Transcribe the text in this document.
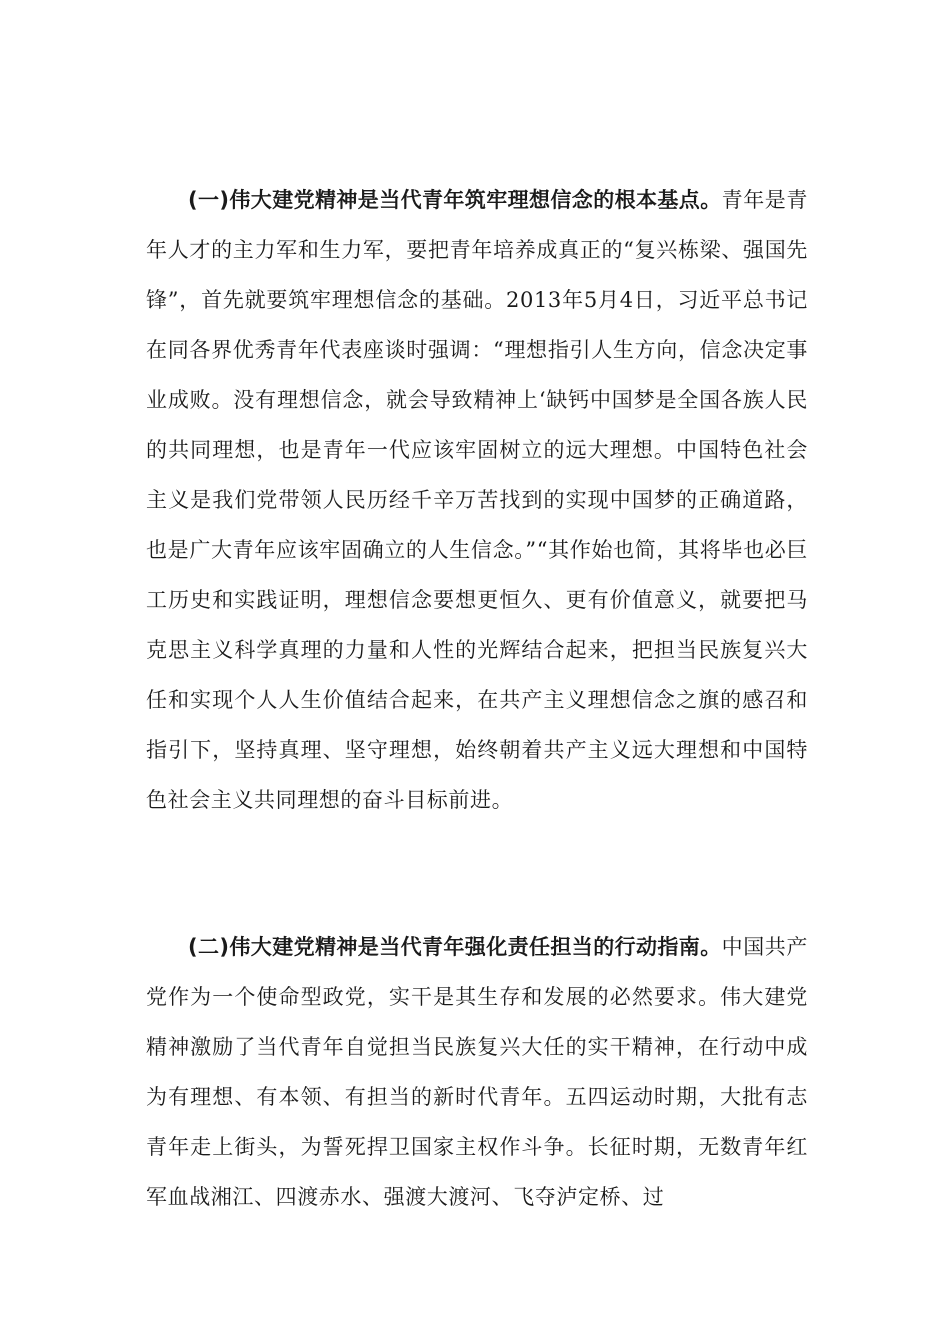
(一)伟大建党精神是当代青年筑牢理想信念的根本基点。青年是青年人才的主力军和生力军，要把青年培养成真正的“复兴栋梁、强国先锋”，首先就要筑牢理想信念的基础。2013年5月4日，习近平总书记在同各界优秀青年代表座谈时强调：“理想指引人生方向，信念决定事业成败。没有理想信念，就会导致精神上‘缺钙中国梦是全国各族人民的共同理想，也是青年一代应该牢固树立的远大理想。中国特色社会主义是我们党带领人民历经千辛万苦找到的实现中国梦的正确道路，也是广大青年应该牢固确立的人生信念。”“其作始也简，其将毕也必巨工历史和实践证明，理想信念要想更恒久、更有价值意义，就要把马克思主义科学真理的力量和人性的光辉结合起来，把担当民族复兴大任和实现个人人生价值结合起来，在共产主义理想信念之旗的感召和指引下，坚持真理、坚守理想，始终朝着共产主义远大理想和中国特色社会主义共同理想的奋斗目标前进。

(二)伟大建党精神是当代青年强化责任担当的行动指南。中国共产党作为一个使命型政党，实干是其生存和发展的必然要求。伟大建党精神激励了当代青年自觉担当民族复兴大任的实干精神，在行动中成为有理想、有本领、有担当的新时代青年。五四运动时期，大批有志青年走上街头，为誓死捍卫国家主权作斗争。长征时期，无数青年红军血战湘江、四渡赤水、强渡大渡河、飞夺泸定桥、过
